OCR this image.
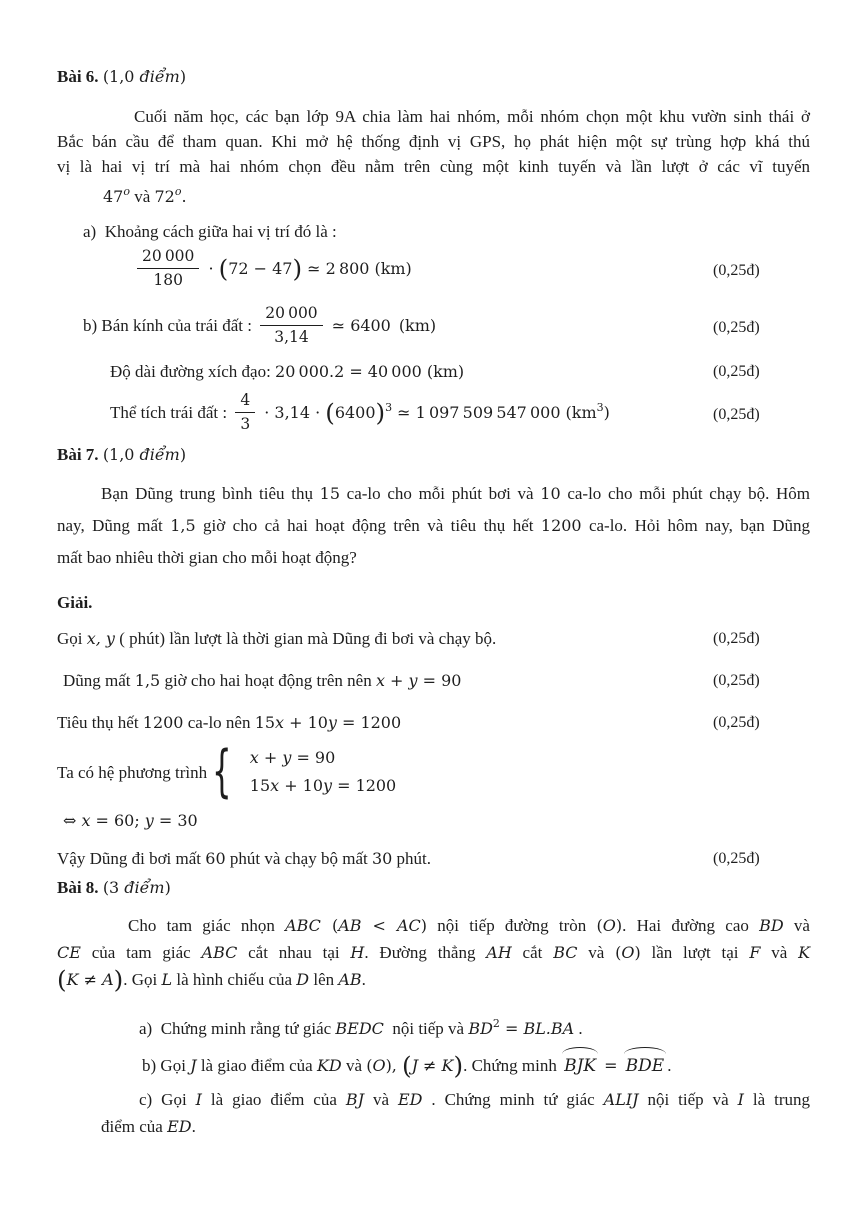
Bài 6. (1,0 điểm)
Cuối năm học, các bạn lớp 9A chia làm hai nhóm, mỗi nhóm chọn một khu vườn sinh thái ở
Bắc bán cầu để tham quan. Khi mở hệ thống định vị GPS, họ phát hiện một sự trùng hợp khá thú
vị là hai vị trí mà hai nhóm chọn đều nằm trên cùng một kinh tuyến và lần lượt ở các vĩ tuyến
47$^o$ và 72$^o$.
a) Khoảng cách giữa hai vị trí đó là :
$\frac{20 000}{180} \cdot (72 - 47)$ ≃ 2 800 (km)	(0,25đ)
b) Bán kính của trái đất : $\frac{20 000}{3,14}$ ≃ 6400 (km)	(0,25đ)
Độ dài đường xích đạo: 20 000.2 = 40 000 (km)	(0,25đ)
Thể tích trái đất : $\frac{4}{3} \cdot 3,14 \cdot (6400)^3$ ≃ 1 097 509 547 000 $(km^3)$	(0,25đ)
Bài 7. (1,0 điểm)
Bạn Dũng trung bình tiêu thụ 15 ca-lo cho mỗi phút bơi và 10 ca-lo cho mỗi phút chạy bộ. Hôm
nay, Dũng mất 1,5 giờ cho cả hai hoạt động trên và tiêu thụ hết 1200 ca-lo. Hỏi hôm nay, bạn Dũng
mất bao nhiêu thời gian cho mỗi hoạt động?
Giải.
Gọi x, y ( phút) lần lượt là thời gian mà Dũng đi bơi và chạy bộ.	(0,25đ)
Dũng mất 1,5 giờ cho hai hoạt động trên nên x + y = 90	(0,25đ)
Tiêu thụ hết 1200 ca-lo nên 15x + 10y = 1200	(0,25đ)
Ta có hệ phương trình { x + y = 90
15x + 10y = 1200
⇔ x = 60; y = 30
Vậy Dũng đi bơi mất 60 phút và chạy bộ mất 30 phút.	(0,25đ)
Bài 8. (3 điểm)
Cho tam giác nhọn ABC (AB < AC) nội tiếp đường tròn (O). Hai đường cao BD và
CE của tam giác ABC cắt nhau tại H. Đường thẳng AH cắt BC và (O) lần lượt tại F và K
(K ≠ A). Gọi L là hình chiếu của D lên AB.
a) Chứng minh rằng tứ giác BEDC nội tiếp và $BD^2 = BL.BA$ .
b) Gọi J là giao điểm của KD và (O), (J ≠ K). Chứng minh BJK = BDE .
c) Gọi I là giao điểm của BJ và ED . Chứng minh tứ giác ALIJ nội tiếp và I là trung
điểm của ED.
